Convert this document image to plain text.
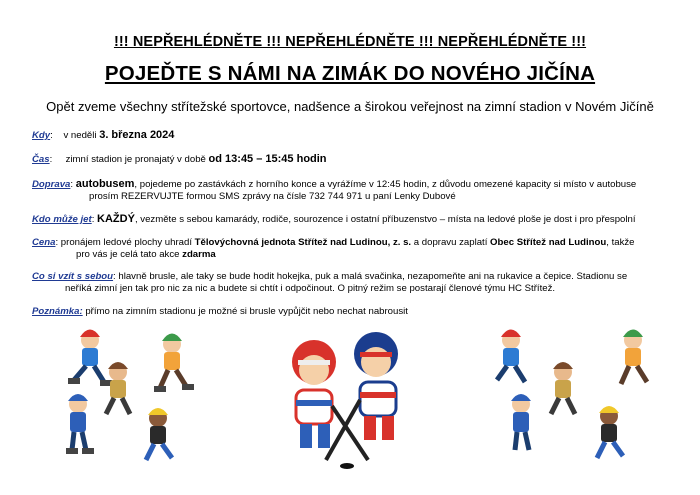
!!! NEPŘEHLÉDNĚTE !!! NEPŘEHLÉDNĚTE !!! NEPŘEHLÉDNĚTE !!!
POJEĎTE S NÁMI NA ZIMÁK DO NOVÉHO JIČÍNA
Opět zveme všechny střítežské sportovce, nadšence a širokou veřejnost na zimní stadion v Novém Jičíně
Kdy:    v neděli 3. března 2024
Čas:     zimní stadion je pronajatý v době od 13:45 – 15:45 hodin
Doprava: autobusem, pojedeme po zastávkách z horního konce a vyrážíme v 12:45 hodin, z důvodu omezené kapacity si místo v autobuse
prosím REZERVUJTE formou SMS zprávy na čísle 732 744 971 u paní Lenky Dubové
Kdo může jet: KAŽDÝ, vezměte s sebou kamarády, rodiče, sourozence i ostatní příbuzenstvo – místa na ledové ploše je dost i pro přespolní
Cena: pronájem ledové plochy uhradí Tělovýchovná jednota Střítež nad Ludinou, z. s. a dopravu zaplatí Obec Střítež nad Ludinou, takže
pro vás je celá tato akce zdarma
Co si vzít s sebou: hlavně brusle, ale taky se bude hodit hokejka, puk a malá svačinka, nezapomeňte ani na rukavice a čepice. Stadionu se
neříká zimní jen tak pro nic za nic a budete si chtít i odpočinout. O pitný režim se postarají členové týmu HC Střítež.
Poznámka: přímo na zimním stadionu je možné si brusle vypůjčit nebo nechat nabrousit
